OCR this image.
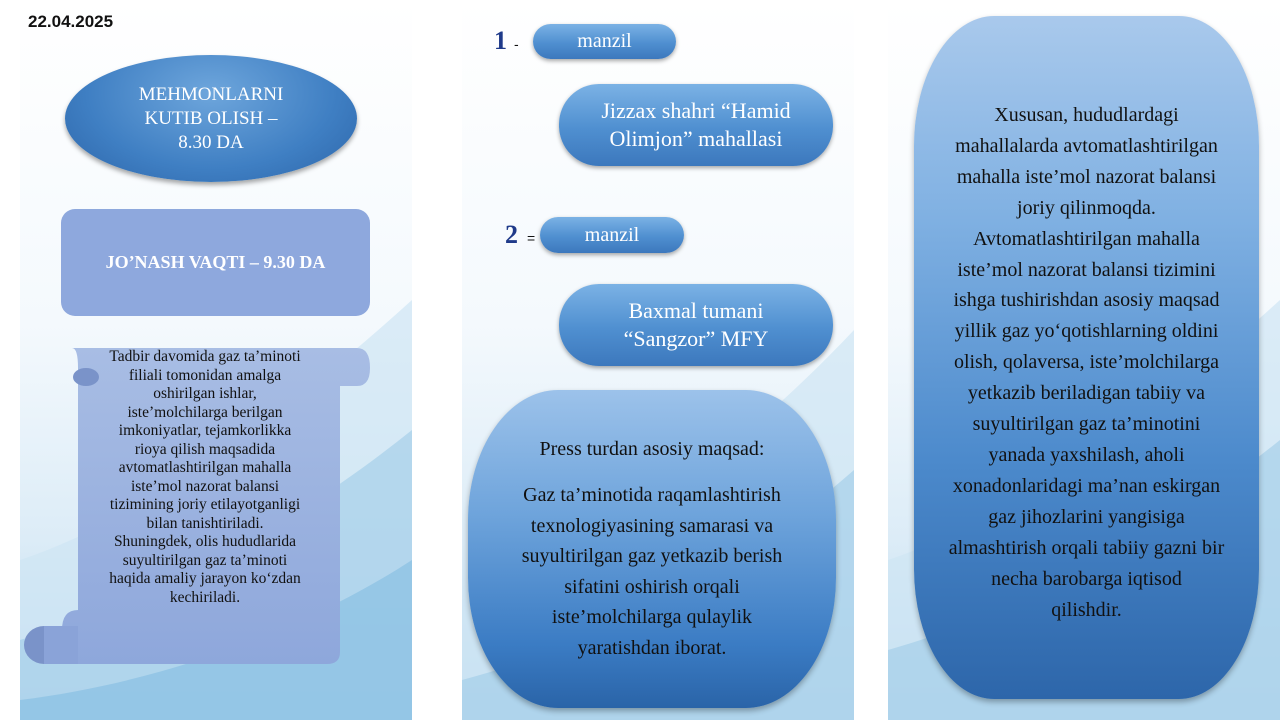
22.04.2025
MEHMONLARNI
KUTIB OLISH –
8.30 DA
JO’NASH VAQTI – 9.30 DA
Tadbir davomida gaz ta’minoti
filiali tomonidan amalga
oshirilgan ishlar,
iste’molchilarga berilgan
imkoniyatlar, tejamkorlikka
rioya qilish maqsadida
avtomatlashtirilgan mahalla
iste’mol nazorat balansi
tizimining joriy etilayotganligi
bilan tanishtiriladi.
Shuningdek, olis hududlarida
suyultirilgan gaz ta’minoti
haqida amaliy jarayon ko‘zdan
kechiriladi.
1 -	manzil
Jizzax shahri “Hamid Olimjon” mahallasi
2 = manzil
Baxmal tumani “Sangzor” MFY
Press turdan asosiy maqsad:
Gaz ta’minotida raqamlashtirish
texnologiyasining samarasi va
suyultirilgan gaz yetkazib berish
sifatini oshirish orqali
iste’molchilarga qulaylik
yaratishdan iborat.
Xususan, hududlardagi
mahallalarda avtomatlashtirilgan
mahalla iste’mol nazorat balansi
joriy qilinmoqda.
Avtomatlashtirilgan mahalla
iste’mol nazorat balansi tizimini
ishga tushirishdan asosiy maqsad
yillik gaz yo‘qotishlarning oldini
olish, qolaversa, iste’molchilarga
yetkazib beriladigan tabiiy va
suyultirilgan gaz ta’minotini
yanada yaxshilash, aholi
xonadonlaridagi ma’nan eskirgan
gaz jihozlarini yangisiga
almashtirish orqali tabiiy gazni bir
necha barobarga iqtisod
qilishdir.
